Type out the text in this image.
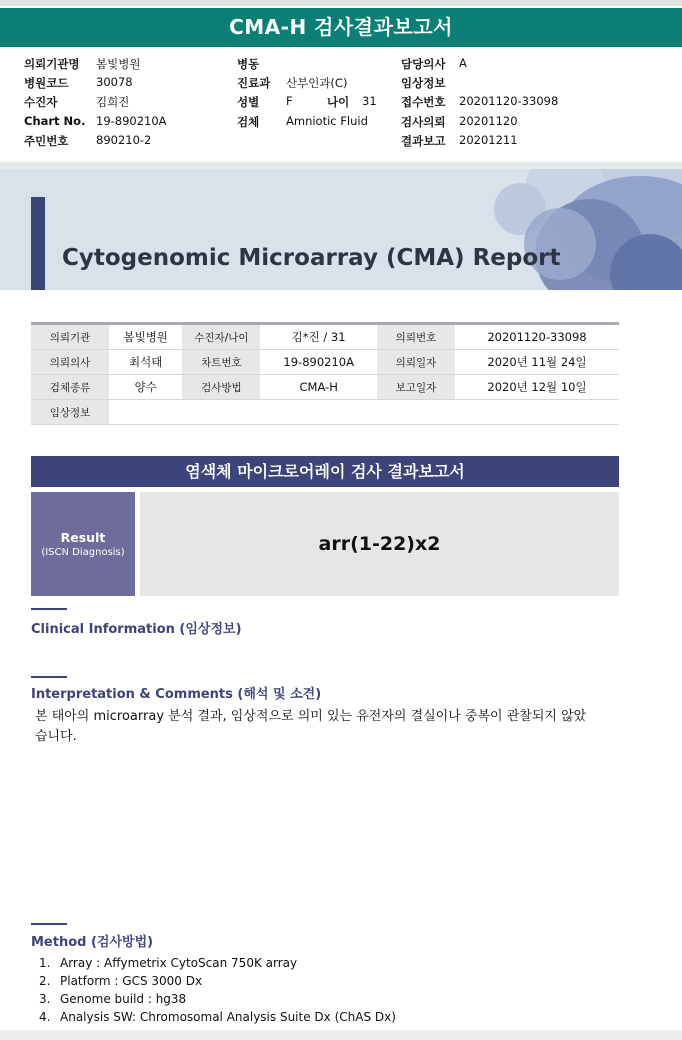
CMA-H 검사결과보고서
의뢰기관명 봄빛병원
병원코드 30078
수진자	김희진
Chart No. 19-890210A
주민번호 890210-2
병동
진료과 산부인과(C)
성별 F	나이 31
검체 Amniotic Fluid
담당의사 A
임상정보
접수번호 20201120-33098
검사의뢰 20201120
결과보고 20201211
Cytogenomic Microarray (CMA) Report
의뢰기관	봄빛병원	수진자/나이	김*진 / 31	의뢰번호	20201120-33098
의뢰의사	최석태	차트번호	19-890210A	의뢰일자	2020년 11월 24일
검체종류	양수	검사방법	CMA-H	보고일자	2020년 12월 10일
임상정보					
염색체 마이크로어레이 검사 결과보고서
Result
(ISCN Diagnosis)	arr(1-22)x2
Clinical Information (임상정보)
Interpretation & Comments (해석 및 소견)
본 태아의 microarray 분석 결과, 임상적으로 의미 있는 유전자의 결실이나 중복이 관찰되지 않았
습니다.
Method (검사방법)
1. Array : Affymetrix CytoScan 750K array
2. Platform : GCS 3000 Dx
3. Genome build : hg38
4. Analysis SW: Chromosomal Analysis Suite Dx (ChAS Dx)
